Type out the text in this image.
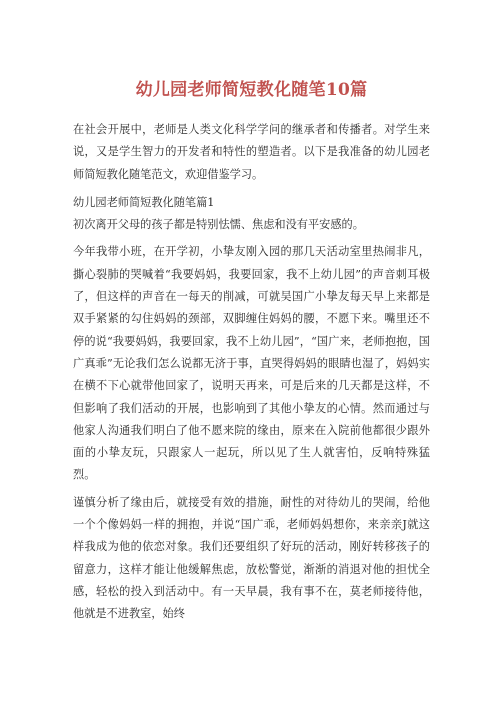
幼儿园老师简短教化随笔10篇

在社会开展中，老师是人类文化科学学问的继承者和传播者。对学生来说，又是学生智力的开发者和特性的塑造者。以下是我准备的幼儿园老师简短教化随笔范文，欢迎借鉴学习。

幼儿园老师简短教化随笔篇1

初次离开父母的孩子都是特别怯懦、焦虑和没有平安感的。

今年我带小班，在开学初，小挚友刚入园的那几天活动室里热闹非凡，撕心裂肺的哭喊着“我要妈妈，我要回家，我不上幼儿园”的声音刺耳极了，但这样的声音在一每天的削减，可就吴国广小挚友每天早上来都是双手紧紧的勾住妈妈的颈部，双脚缠住妈妈的腰，不愿下来。嘴里还不停的说“我要妈妈，我要回家，我不上幼儿园”，“国广来，老师抱抱，国广真乖”无论我们怎么说都无济于事，直哭得妈妈的眼睛也湿了，妈妈实在横不下心就带他回家了，说明天再来，可是后来的几天都是这样，不但影响了我们活动的开展，也影响到了其他小挚友的心情。然而通过与他家人沟通我们明白了他不愿来院的缘由，原来在入院前他都很少跟外面的小挚友玩，只跟家人一起玩，所以见了生人就害怕，反响特殊猛烈。

谨慎分析了缘由后，就接受有效的措施，耐性的对待幼儿的哭闹，给他一个个像妈妈一样的拥抱，并说“国广乖，老师妈妈想你，来亲亲J就这样我成为他的依恋对象。我们还要组织了好玩的活动，刚好转移孩子的留意力，这样才能让他缓解焦虑，放松警觉，渐渐的消退对他的担忧全感，轻松的投入到活动中。有一天早晨，我有事不在，莫老师接待他，他就是不进教室，始终
